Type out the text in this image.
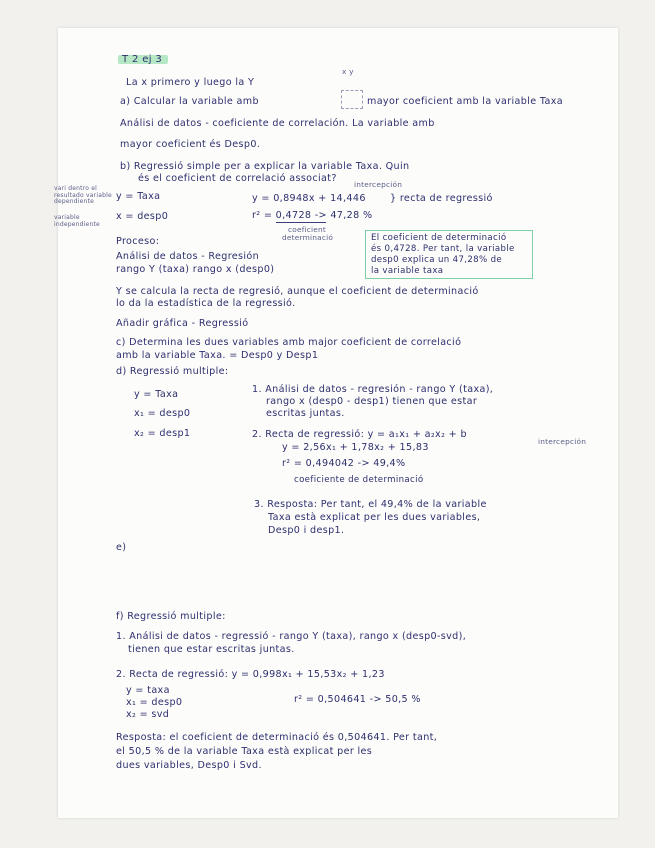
T 2 ej 3
x y
La x primero y luego la Y
a) Calcular la variable amb	mayor coeficient amb la variable Taxa
Análisi de datos - coeficiente de correlación. La variable amb
mayor coeficient és Desp0.
b) Regressió simple per a explicar la variable Taxa. Quin
és el coeficient de correlació associat?
vari dentro el resultado variable dependiente	y = Taxa
intercepción
y = 0,8948x + 14,446	} recta de regressió
variable independiente
x = desp0	r² = 0,4728 -> 47,28 %
coeficient determinació	El coeficient de determinació
és 0,4728. Per tant, la variable
desp0 explica un 47,28% de
la variable taxa
Proceso:
Análisi de datos - Regresión
rango Y (taxa) rango x (desp0)
Y se calcula la recta de regresió, aunque el coeficient de determinació
lo da la estadística de la regressió.
Añadir gráfica - Regressió
c) Determina les dues variables amb major coeficient de correlació
amb la variable Taxa. = Desp0 y Desp1
d) Regressió multiple:
y = Taxa
x₁ = desp0
x₂ = desp1
1. Análisi de datos - regresión - rango Y (taxa),
rango x (desp0 - desp1) tienen que estar
escritas juntas.
2. Recta de regressió: y = a₁x₁ + a₂x₂ + b
intercepción
y = 2,56x₁ + 1,78x₂ + 15,83
r² = 0,494042 -> 49,4%
coeficiente de determinació
3. Resposta: Per tant, el 49,4% de la variable
Taxa està explicat per les dues variables,
Desp0 i desp1.
e)
f) Regressió multiple:
1. Análisi de datos - regressió - rango Y (taxa), rango x (desp0-svd),
tienen que estar escritas juntas.
2. Recta de regressió: y = 0,998x₁ + 15,53x₂ + 1,23
y = taxa
x₁ = desp0
x₂ = svd
r² = 0,504641 -> 50,5 %
Resposta: el coeficient de determinació és 0,504641. Per tant,
el 50,5 % de la variable Taxa està explicat per les
dues variables, Desp0 i Svd.
